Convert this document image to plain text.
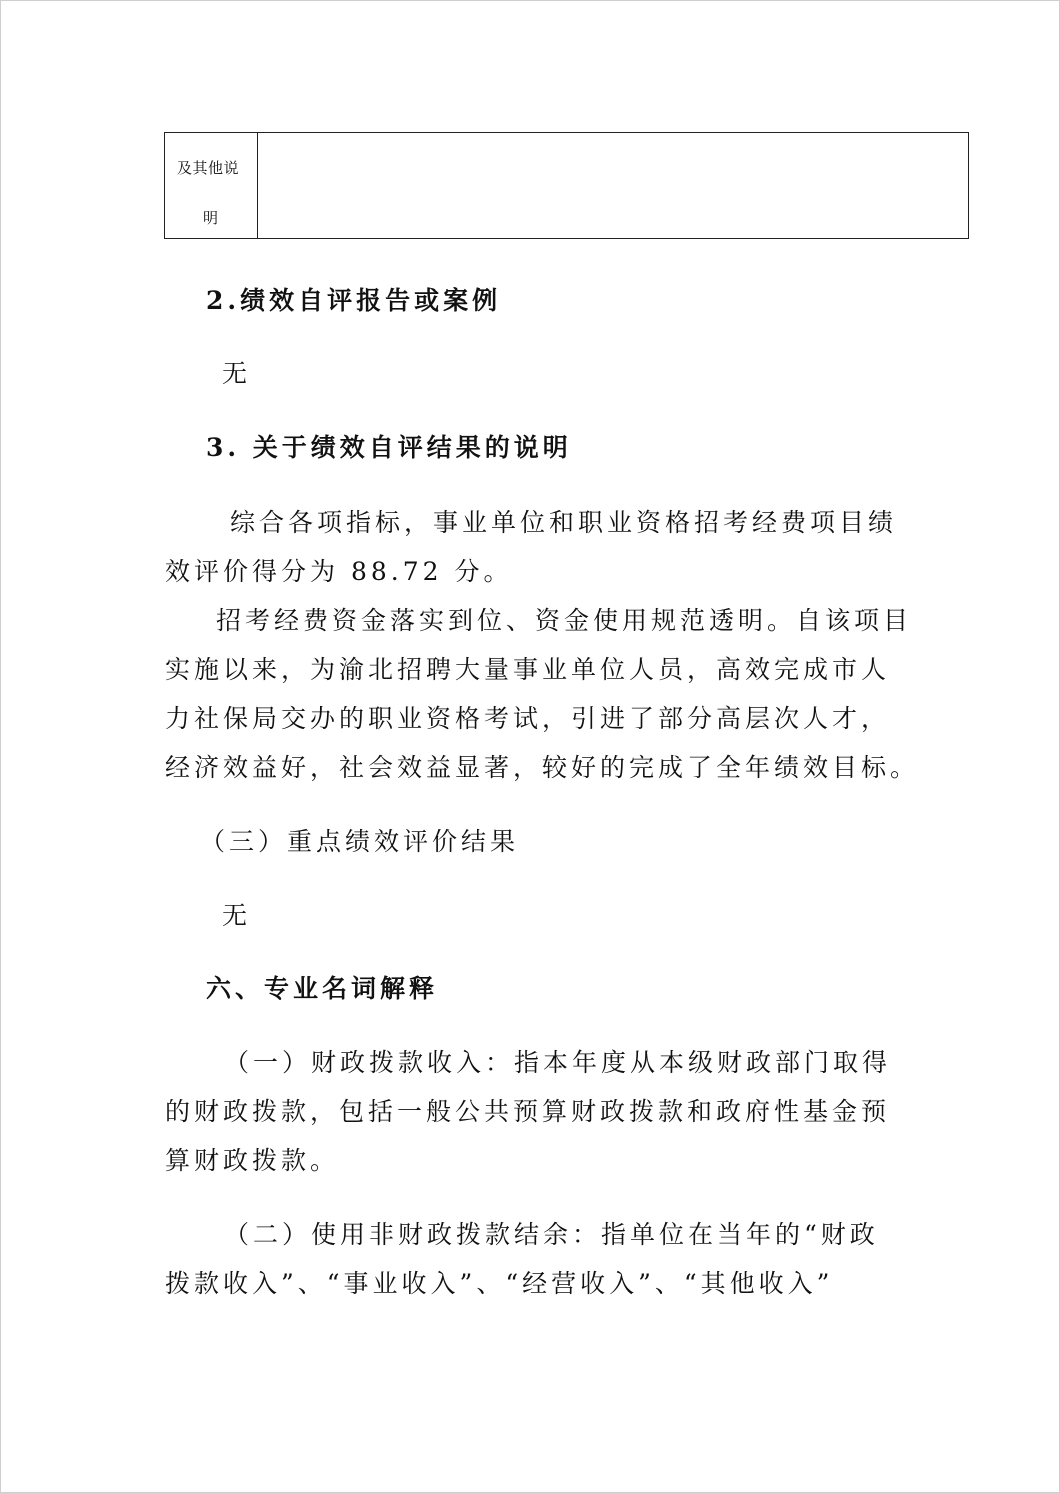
及其他说
明
2.绩效自评报告或案例
无
3. 关于绩效自评结果的说明
综合各项指标，事业单位和职业资格招考经费项目绩
效评价得分为 88.72 分。
招考经费资金落实到位、资金使用规范透明。自该项目
实施以来，为渝北招聘大量事业单位人员，高效完成市人
力社保局交办的职业资格考试，引进了部分高层次人才，
经济效益好，社会效益显著，较好的完成了全年绩效目标。
（三）重点绩效评价结果
无
六、专业名词解释
（一）财政拨款收入：指本年度从本级财政部门取得
的财政拨款，包括一般公共预算财政拨款和政府性基金预
算财政拨款。
（二）使用非财政拨款结余：指单位在当年的“财政
拨款收入”、“事业收入”、“经营收入”、“其他收入”
